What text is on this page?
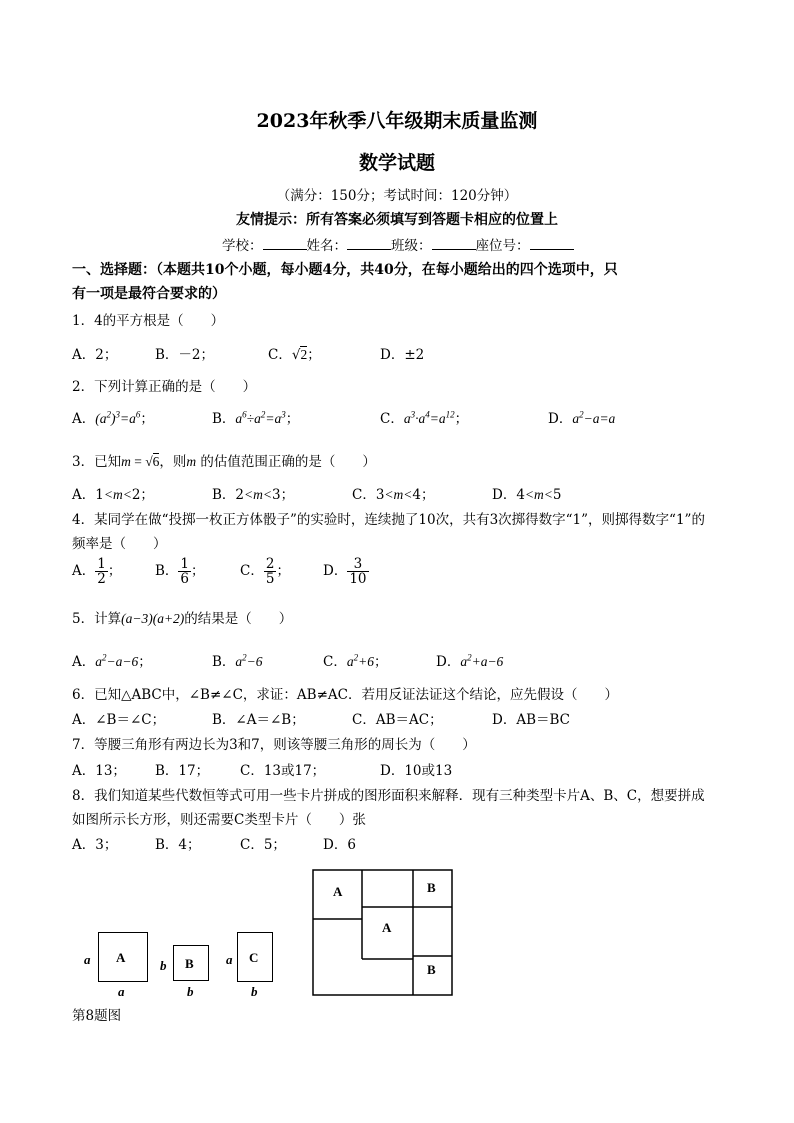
2023年秋季八年级期末质量监测
数学试题
（满分：150分；考试时间：120分钟）
友情提示：所有答案必须填写到答题卡相应的位置上
学校：	姓名：	班级：	座位号：
一、选择题：（本题共10个小题，每小题4分，共40分，在每小题给出的四个选项中，只
有一项是最符合要求的）
1．4的平方根是（　　）
A．2；	B．－2；	C．√2；	D．±2
2．下列计算正确的是（　　）
A．$(a^2)^3=a^6$；	B．$a^6\div a^2=a^3$；	C．$a^3\cdot a^4=a^{12}$；	D．$a^2-a=a$
3．已知m = √6，则m 的估值范围正确的是（　　）
A．1<m<2；	B．2<m<3；	C．3<m<4；	D．4<m<5
4．某同学在做“投掷一枚正方体骰子”的实验时，连续抛了10次，共有3次掷得数字“1”，则掷得数字“1”的
频率是（　　）
A． $\frac{1}{2}$ ； B． $\frac{1}{6}$ ；	C． $\frac{2}{5}$ ； D． $\frac{3}{10}$
5．计算(a−3)(a+2)的结果是（　　）
A．$a^2-a-6$；	B．$a^2-6$	C．$a^2+6$；	D．$a^2+a-6$
6．已知△ABC中，∠B≠∠C，求证：AB≠AC．若用反证法证这个结论，应先假设（　　）
A．∠B＝∠C；	B．∠A＝∠B；	C．AB＝AC；	D．AB＝BC
7．等腰三角形有两边长为3和7，则该等腰三角形的周长为（　　）
A．13； B．17； C．13或17；	D．10或13
8．我们知道某些代数恒等式可用一些卡片拼成的图形面积来解释．现有三种类型卡片A、B、C，想要拼成
如图所示长方形，则还需要C类型卡片（　　）张
A．3；	B．4；	C．5；	D．6
a A
a
b B
b
a C
b
A	B
A
B
第8题图
